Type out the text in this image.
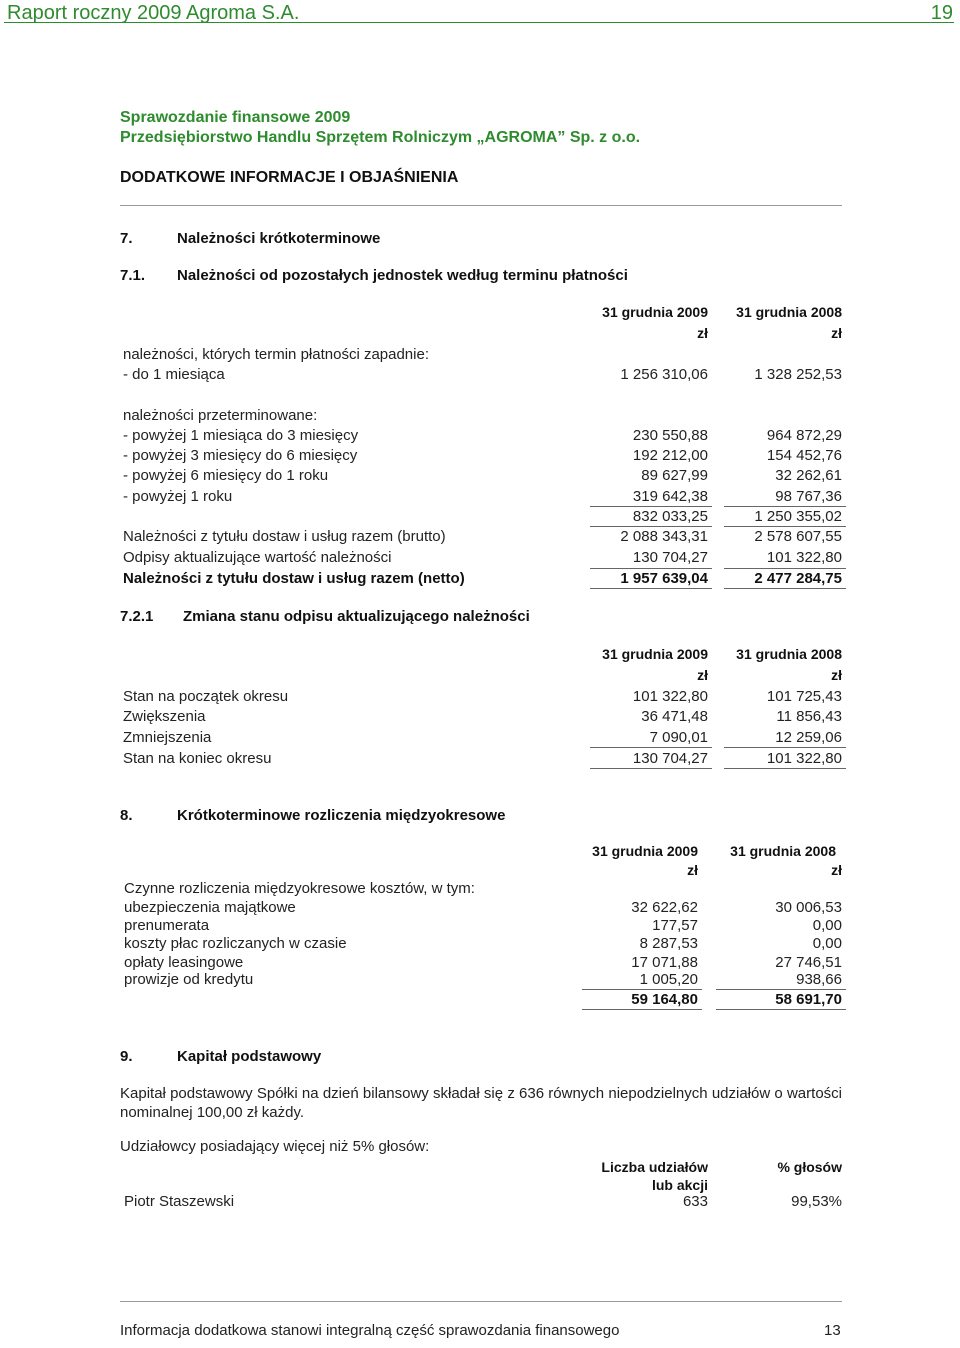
Raport roczny 2009 Agroma S.A.	19
Sprawozdanie finansowe 2009
Przedsiębiorstwo Handlu Sprzętem Rolniczym „AGROMA” Sp. z o.o.
DODATKOWE INFORMACJE I OBJAŚNIENIA
7.	Należności krótkoterminowe
7.1. Należności od pozostałych jednostek według terminu płatności
31 grudnia 2009	31 grudnia 2008
zł	zł
należności, których termin płatności zapadnie:
- do 1 miesiąca	1 256 310,06	1 328 252,53
należności przeterminowane:
- powyżej 1 miesiąca do 3 miesięcy	230 550,88	964 872,29
- powyżej 3 miesięcy do 6 miesięcy	192 212,00	154 452,76
- powyżej 6 miesięcy do 1 roku	89 627,99	32 262,61
- powyżej 1 roku	319 642,38	98 767,36
832 033,25	1 250 355,02
Należności z tytułu dostaw i usług razem (brutto)	2 088 343,31	2 578 607,55
Odpisy aktualizujące wartość należności	130 704,27	101 322,80
Należności z tytułu dostaw i usług razem (netto)	1 957 639,04	2 477 284,75
7.2.1 Zmiana stanu odpisu aktualizującego należności
31 grudnia 2009	31 grudnia 2008
zł	zł
Stan na początek okresu	101 322,80	101 725,43
Zwiększenia	36 471,48	11 856,43
Zmniejszenia	7 090,01	12 259,06
Stan na koniec okresu	130 704,27	101 322,80
8.	Krótkoterminowe rozliczenia międzyokresowe
31 grudnia 2009	31 grudnia 2008
zł	zł
Czynne rozliczenia międzyokresowe kosztów, w tym:
ubezpieczenia majątkowe	32 622,62	30 006,53
prenumerata	177,57	0,00
koszty płac rozliczanych w czasie	8 287,53	0,00
opłaty leasingowe	17 071,88	27 746,51
prowizje od kredytu	1 005,20	938,66
59 164,80	58 691,70
9.	Kapitał podstawowy
Kapitał podstawowy Spółki na dzień bilansowy składał się z 636 równych niepodzielnych udziałów o wartości nominalnej 100,00 zł każdy.
Udziałowcy posiadający więcej niż 5% głosów:
Liczba udziałów
lub akcji
% głosów
Piotr Staszewski	633	99,53%
Informacja dodatkowa stanowi integralną część sprawozdania finansowego	13
